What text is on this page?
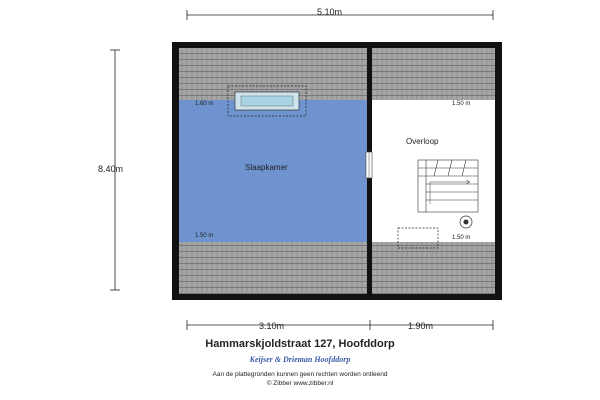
5.10m
8.40m
3.10m	1.90m
Slaapkamer
Overloop
1.60 m
1.50 m
1.50 m
1.50 m
Hammarskjoldstraat 127, Hoofddorp
Keijser & Drieman Hoofddorp
Aan de plattegronden kunnen geen rechten worden ontleend
© Zibber www.zibber.nl
